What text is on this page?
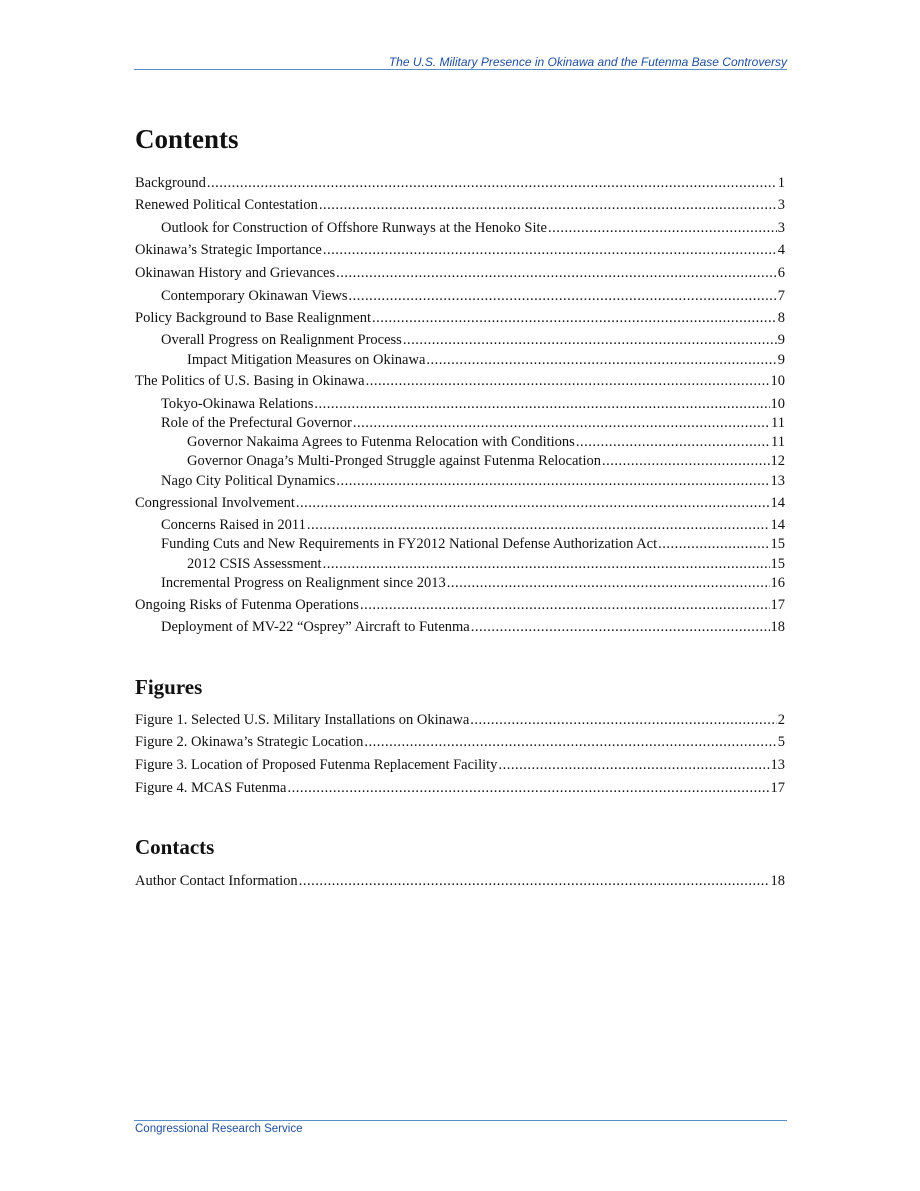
The U.S. Military Presence in Okinawa and the Futenma Base Controversy
Contents
Background .....	1
Renewed Political Contestation .....	3
Outlook for Construction of Offshore Runways at the Henoko Site .....	3
Okinawa’s Strategic Importance .....	4
Okinawan History and Grievances .....	6
Contemporary Okinawan Views .....	7
Policy Background to Base Realignment .....	8
Overall Progress on Realignment Process .....	9
Impact Mitigation Measures on Okinawa .....	9
The Politics of U.S. Basing in Okinawa .....	10
Tokyo-Okinawa Relations .....	10
Role of the Prefectural Governor .....	11
Governor Nakaima Agrees to Futenma Relocation with Conditions .....	11
Governor Onaga’s Multi-Pronged Struggle against Futenma Relocation .....	12
Nago City Political Dynamics .....	13
Congressional Involvement .....	14
Concerns Raised in 2011 .....	14
Funding Cuts and New Requirements in FY2012 National Defense Authorization Act .....	15
2012 CSIS Assessment .....	15
Incremental Progress on Realignment since 2013 .....	16
Ongoing Risks of Futenma Operations .....	17
Deployment of MV-22 “Osprey” Aircraft to Futenma .....	18
Figures
Figure 1. Selected U.S. Military Installations on Okinawa .....	2
Figure 2. Okinawa’s Strategic Location .....	5
Figure 3. Location of Proposed Futenma Replacement Facility .....	13
Figure 4. MCAS Futenma .....	17
Contacts
Author Contact Information .....	18
Congressional Research Service
